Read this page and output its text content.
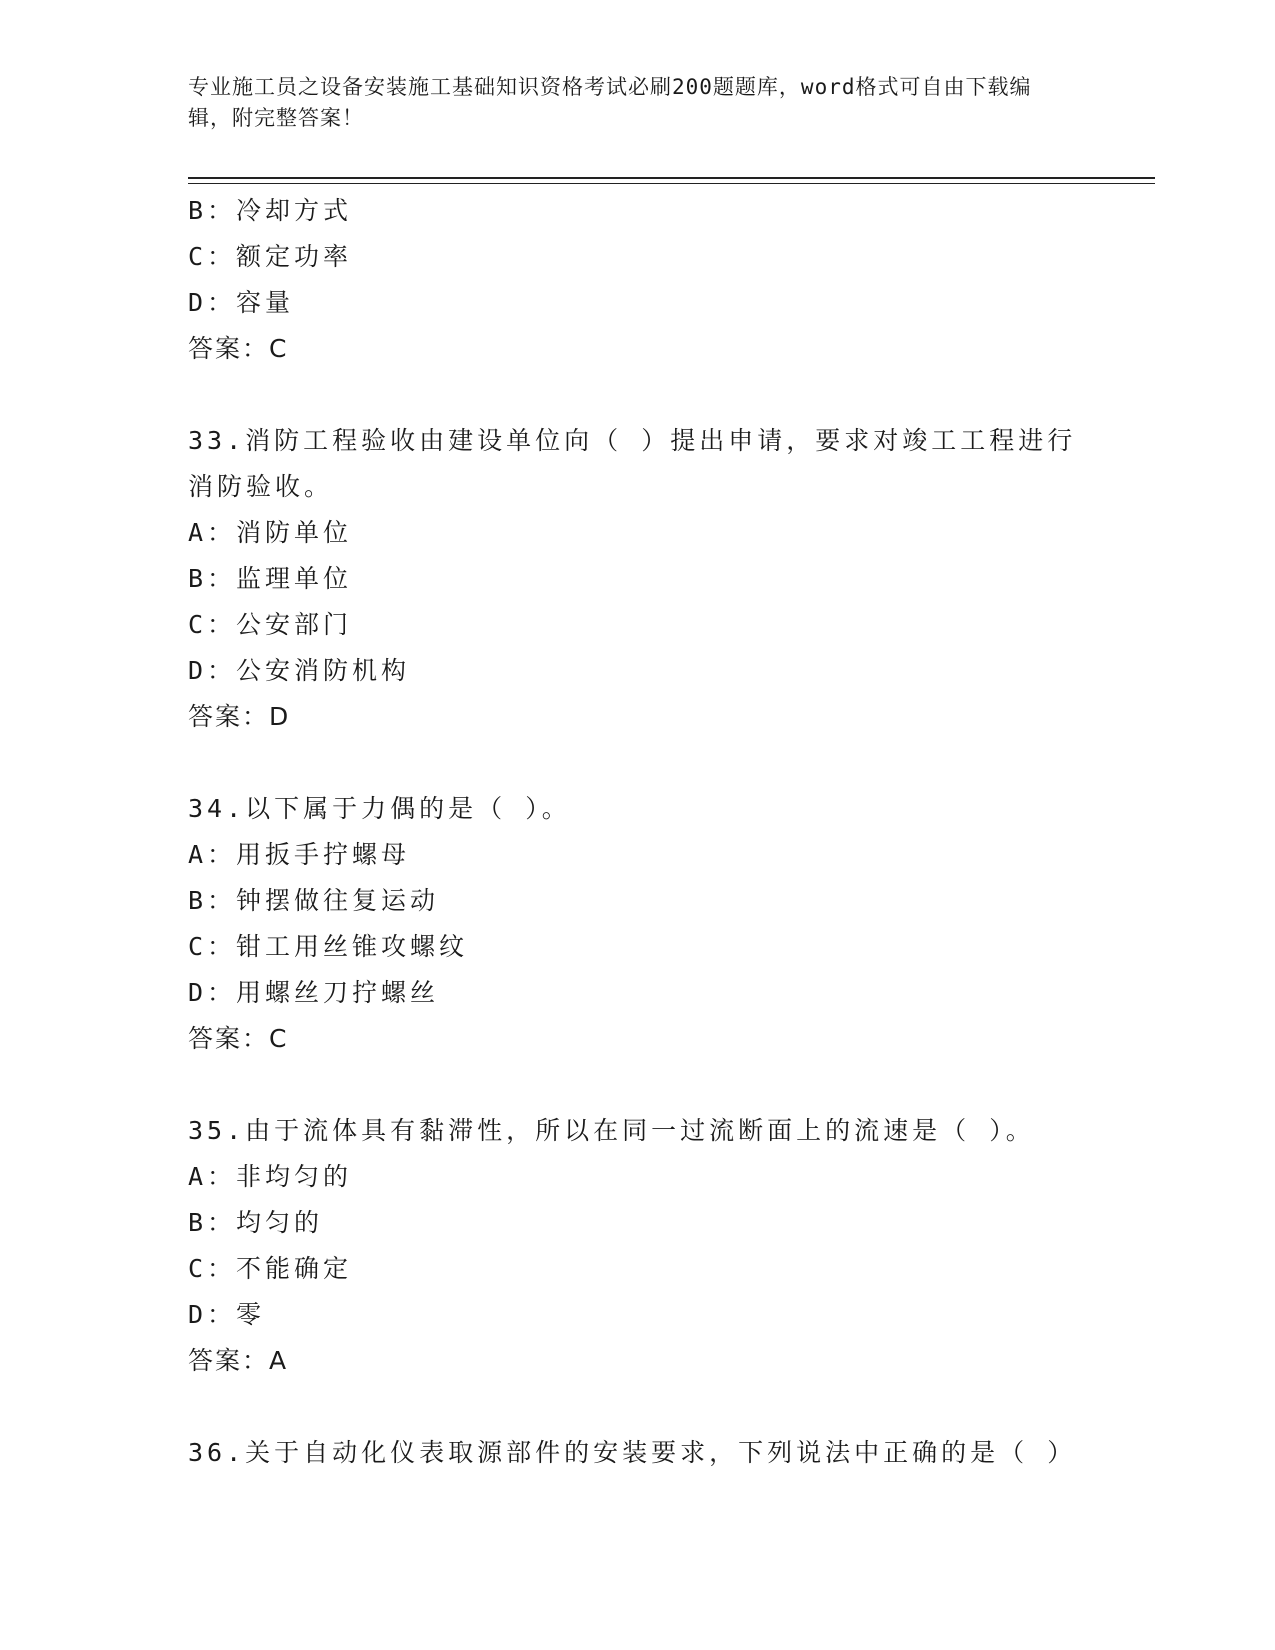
专业施工员之设备安装施工基础知识资格考试必刷200题题库，word格式可自由下载编辑，附完整答案！
B：冷却方式
C：额定功率
D：容量
答案：C
33.消防工程验收由建设单位向（ ）提出申请，要求对竣工工程进行
消防验收。
A：消防单位
B：监理单位
C：公安部门
D：公安消防机构
答案：D
34.以下属于力偶的是（ ）。
A：用扳手拧螺母
B：钟摆做往复运动
C：钳工用丝锥攻螺纹
D：用螺丝刀拧螺丝
答案：C
35.由于流体具有黏滞性，所以在同一过流断面上的流速是（ ）。
A：非均匀的
B：均匀的
C：不能确定
D：零
答案：A
36.关于自动化仪表取源部件的安装要求，下列说法中正确的是（ ）
